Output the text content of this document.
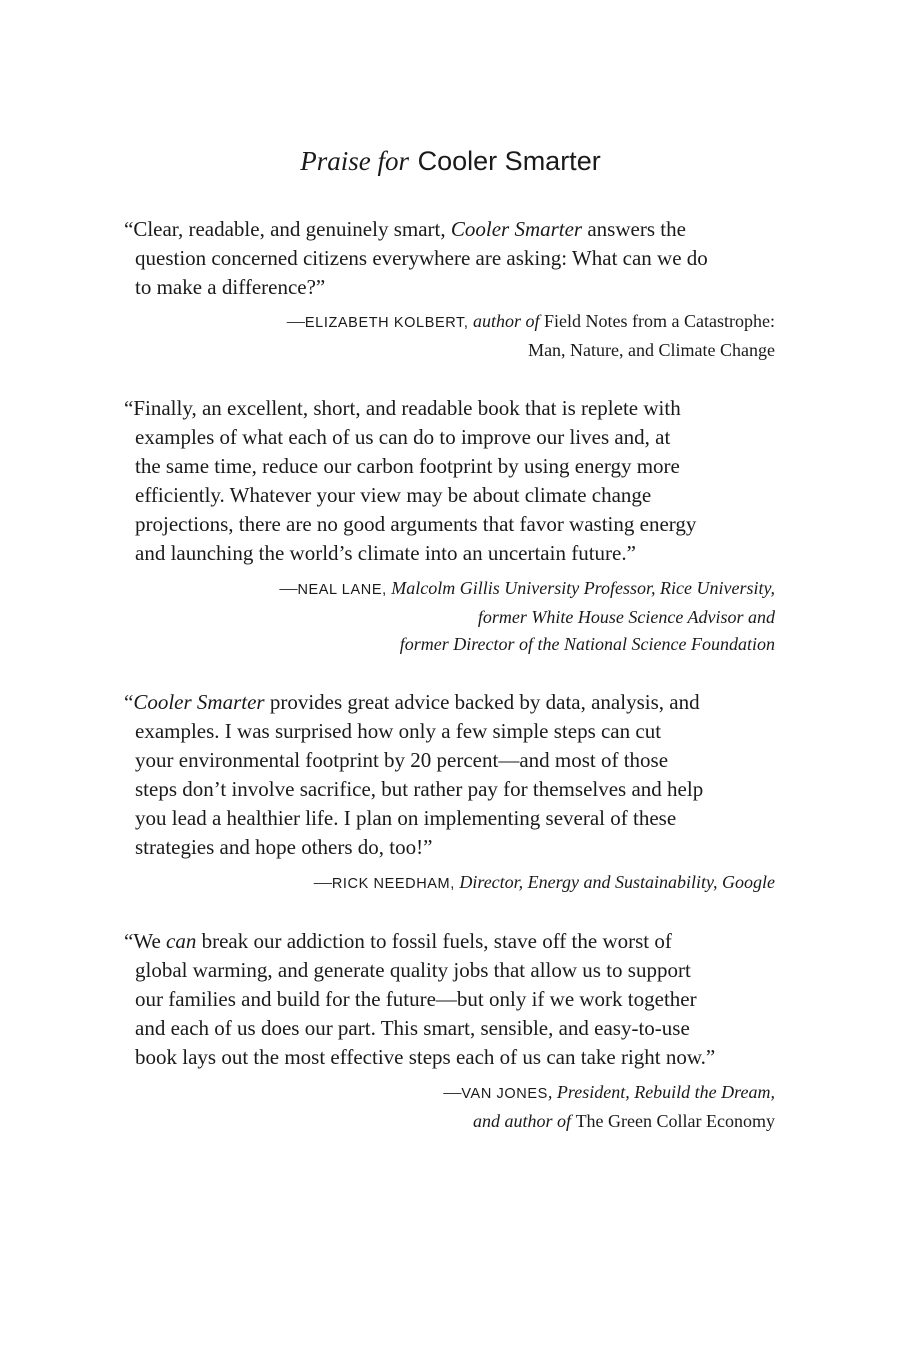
Praise for Cooler Smarter
“Clear, readable, and genuinely smart, Cooler Smarter answers the
question concerned citizens everywhere are asking: What can we do
to make a difference?”
—ELIZABETH KOLBERT, author of Field Notes from a Catastrophe:
Man, Nature, and Climate Change
“Finally, an excellent, short, and readable book that is replete with
examples of what each of us can do to improve our lives and, at
the same time, reduce our carbon footprint by using energy more
efficiently. Whatever your view may be about climate change
projections, there are no good arguments that favor wasting energy
and launching the world’s climate into an uncertain future.”
—NEAL LANE, Malcolm Gillis University Professor, Rice University,
former White House Science Advisor and
former Director of the National Science Foundation
“Cooler Smarter provides great advice backed by data, analysis, and
examples. I was surprised how only a few simple steps can cut
your environmental footprint by 20 percent—and most of those
steps don’t involve sacrifice, but rather pay for themselves and help
you lead a healthier life. I plan on implementing several of these
strategies and hope others do, too!”
—RICK NEEDHAM, Director, Energy and Sustainability, Google
“We can break our addiction to fossil fuels, stave off the worst of
global warming, and generate quality jobs that allow us to support
our families and build for the future—but only if we work together
and each of us does our part. This smart, sensible, and easy-to-use
book lays out the most effective steps each of us can take right now.”
—VAN JONES, President, Rebuild the Dream,
and author of The Green Collar Economy
